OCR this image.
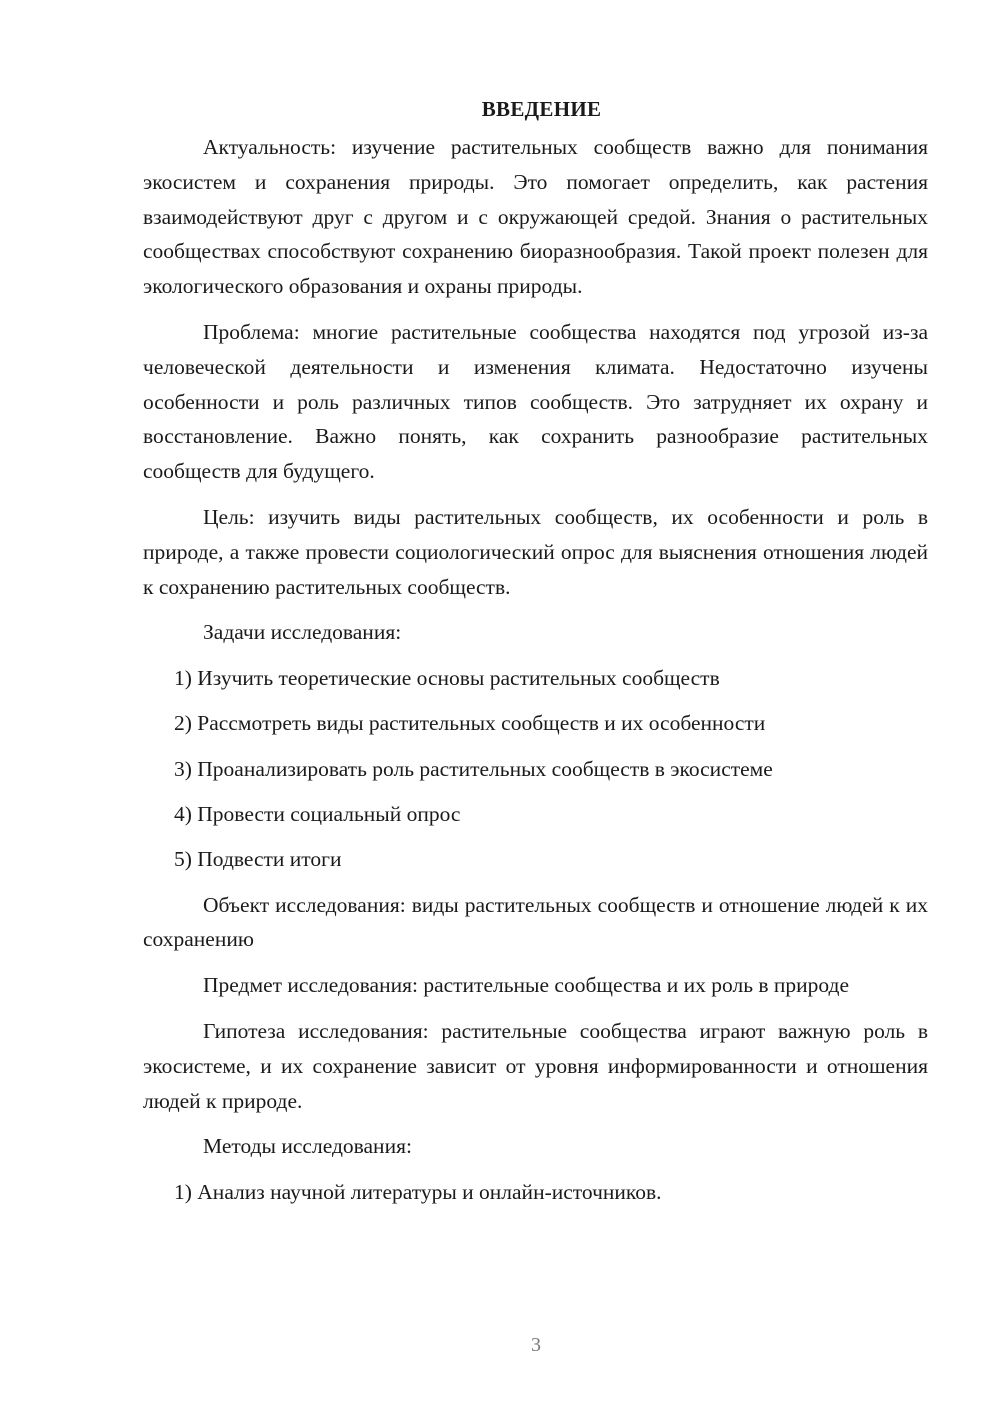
ВВЕДЕНИЕ

Актуальность: изучение растительных сообществ важно для понимания экосистем и сохранения природы. Это помогает определить, как растения взаимодействуют друг с другом и с окружающей средой. Знания о растительных сообществах способствуют сохранению биоразнообразия. Такой проект полезен для экологического образования и охраны природы.

Проблема: многие растительные сообщества находятся под угрозой из-за человеческой деятельности и изменения климата. Недостаточно изучены особенности и роль различных типов сообществ. Это затрудняет их охрану и восстановление. Важно понять, как сохранить разнообразие растительных сообществ для будущего.

Цель: изучить виды растительных сообществ, их особенности и роль в природе, а также провести социологический опрос для выяснения отношения людей к сохранению растительных сообществ.

Задачи исследования:

1) Изучить теоретические основы растительных сообществ
2) Рассмотреть виды растительных сообществ и их особенности
3) Проанализировать роль растительных сообществ в экосистеме
4) Провести социальный опрос
5) Подвести итоги

Объект исследования: виды растительных сообществ и отношение людей к их сохранению

Предмет исследования: растительные сообщества и их роль в природе

Гипотеза исследования: растительные сообщества играют важную роль в экосистеме, и их сохранение зависит от уровня информированности и отношения людей к природе.

Методы исследования:

1) Анализ научной литературы и онлайн-источников.
3
